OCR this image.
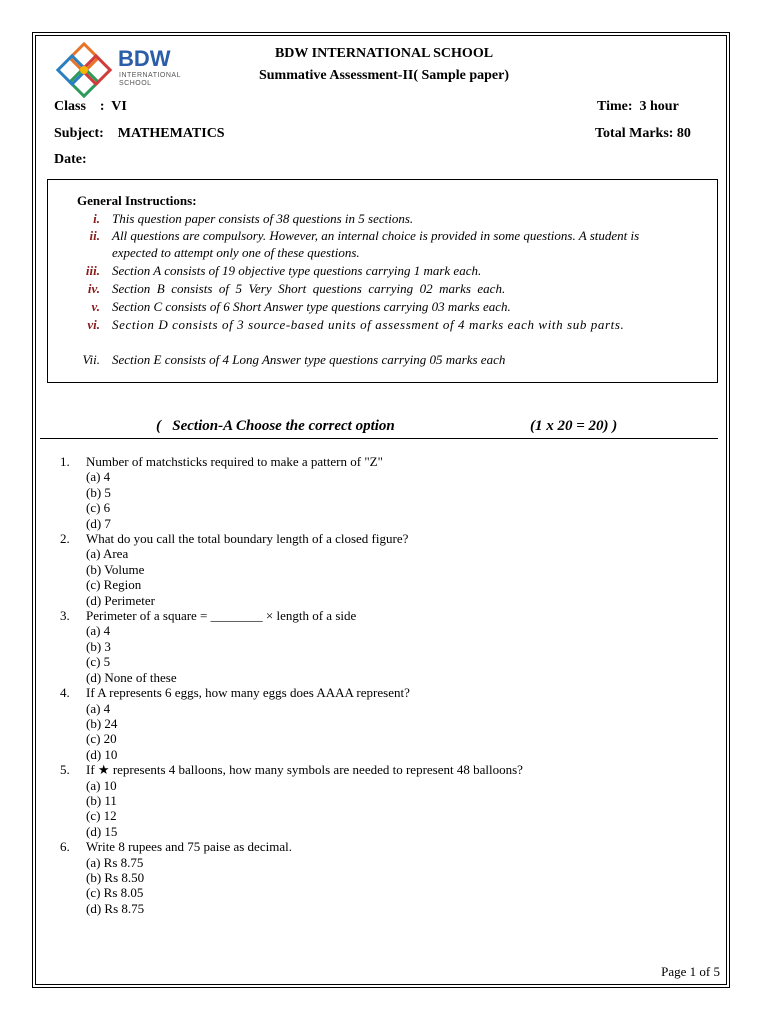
BDW
INTERNATIONAL
SCHOOL
BDW INTERNATIONAL SCHOOL
Summative Assessment-II( Sample paper)
Class    :  VI	Time:  3 hour
Subject:    MATHEMATICS	Total Marks: 80
Date:
General Instructions:
i. This question paper consists of 38 questions in 5 sections.
ii. All questions are compulsory. However, an internal choice is provided in some questions. A student is      expected to attempt only one of these questions.
iii. Section A consists of 19 objective type questions carrying 1 mark each.
iv. Section  B  consists  of  5  Very  Short  questions  carrying  02  marks  each.
v. Section C consists of 6 Short Answer type questions carrying 03 marks each.
vi. Section D consists of 3 source-based units of assessment of 4 marks each with sub parts.
Vii. Section E consists of 4 Long Answer type questions carrying 05 marks each
(   Section-A Choose the correct option	(1 x 20 = 20) )
1. Number of matchsticks required to make a pattern of "Z"
(a) 4
(b) 5
(c) 6
(d) 7
2. What do you call the total boundary length of a closed figure?
(a) Area
(b) Volume
(c) Region
(d) Perimeter
3. Perimeter of a square = ________ × length of a side
(a) 4
(b) 3
(c) 5
(d) None of these
4. If A represents 6 eggs, how many eggs does AAAA represent?
(a) 4
(b) 24
(c) 20
(d) 10
5. If ★ represents 4 balloons, how many symbols are needed to represent 48 balloons?
(a) 10
(b) 11
(c) 12
(d) 15
6. Write 8 rupees and 75 paise as decimal.
(a) Rs 8.75
(b) Rs 8.50
(c) Rs 8.05
(d) Rs 8.75
Page 1 of 5
